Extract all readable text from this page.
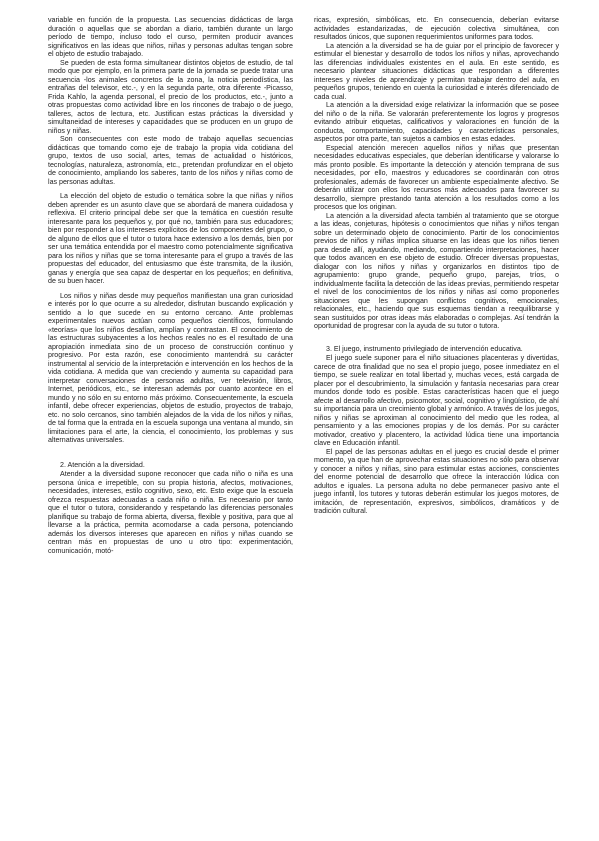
variable en función de la propuesta. Las secuencias didácticas de larga duración o aquellas que se abordan a diario, también durante un largo período de tiempo, incluso todo el curso, permiten producir avances significativos en las ideas que niños, niñas y personas adultas tengan sobre el objeto de estudio trabajado.

Se pueden de esta forma simultanear distintos objetos de estudio, de tal modo que por ejemplo, en la primera parte de la jornada se puede tratar una secuencia -los animales concretos de la zona, la noticia periodística, las entrañas del televisor, etc.-, y en la segunda parte, otra diferente -Picasso, Frida Kahlo, la agenda personal, el precio de los productos, etc.-, junto a otras propuestas como actividad libre en los rincones de trabajo o de juego, talleres, actos de lectura, etc. Justifican estas prácticas la diversidad y simultaneidad de intereses y capacidades que se producen en un grupo de niños y niñas.

Son consecuentes con este modo de trabajo aquellas secuencias didácticas que tomando como eje de trabajo la propia vida cotidiana del grupo, textos de uso social, artes, temas de actualidad o históricos, tecnologías, naturaleza, astronomía, etc., pretendan profundizar en el objeto de conocimiento, ampliando los saberes, tanto de los niños y niñas como de las personas adultas.

La elección del objeto de estudio o temática sobre la que niñas y niños deben aprender es un asunto clave que se abordará de manera cuidadosa y reflexiva. El criterio principal debe ser que la temática en cuestión resulte interesante para los pequeños y, por qué no, también para sus educadores; bien por responder a los intereses explícitos de los componentes del grupo, o de alguno de ellos que el tutor o tutora hace extensivo a los demás, bien por ser una temática entendida por el maestro como potencialmente significativa para los niños y niñas que se torna interesante para el grupo a través de las propuestas del educador, del entusiasmo que éste transmita, de la ilusión, ganas y energía que sea capaz de despertar en los pequeños; en definitiva, de su buen hacer.

Los niños y niñas desde muy pequeños manifiestan una gran curiosidad e interés por lo que ocurre a su alrededor, disfrutan buscando explicación y sentido a lo que sucede en su entorno cercano. Ante problemas experimentales nuevos actúan como pequeños científicos, formulando «teorías» que los niños desafían, amplían y contrastan. El conocimiento de las estructuras subyacentes a los hechos reales no es el resultado de una apropiación inmediata sino de un proceso de construcción continuo y progresivo. Por esta razón, ese conocimiento mantendrá su carácter instrumental al servicio de la interpretación e intervención en los hechos de la vida cotidiana. A medida que van creciendo y aumenta su capacidad para interpretar conversaciones de personas adultas, ver televisión, libros, Internet, periódicos, etc., se interesan además por cuanto acontece en el mundo y no sólo en su entorno más próximo. Consecuentemente, la escuela infantil, debe ofrecer experiencias, objetos de estudio, proyectos de trabajo, etc. no solo cercanos, sino también alejados de la vida de los niños y niñas, de tal forma que la entrada en la escuela suponga una ventana al mundo, sin limitaciones para el arte, la ciencia, el conocimiento, los problemas y sus alternativas universales.

2. Atención a la diversidad.

Atender a la diversidad supone reconocer que cada niño o niña es una persona única e irrepetible, con su propia historia, afectos, motivaciones, necesidades, intereses, estilo cognitivo, sexo, etc. Esto exige que la escuela ofrezca respuestas adecuadas a cada niño o niña. Es necesario por tanto que el tutor o tutora, considerando y respetando las diferencias personales planifique su trabajo de forma abierta, diversa, flexible y positiva, para que al llevarse a la práctica, permita acomodarse a cada persona, potenciando además los diversos intereses que aparecen en niños y niñas cuando se centran más en propuestas de uno u otro tipo: experimentación, comunicación, motó-

ricas, expresión, simbólicas, etc. En consecuencia, deberían evitarse actividades estandarizadas, de ejecución colectiva simultánea, con resultados únicos, que suponen requerimientos uniformes para todos.

La atención a la diversidad se ha de guiar por el principio de favorecer y estimular el bienestar y desarrollo de todos los niños y niñas, aprovechando las diferencias individuales existentes en el aula. En este sentido, es necesario plantear situaciones didácticas que respondan a diferentes intereses y niveles de aprendizaje y permitan trabajar dentro del aula, en pequeños grupos, teniendo en cuenta la curiosidad e interés diferenciado de cada cual.

La atención a la diversidad exige relativizar la información que se posee del niño o de la niña. Se valorarán preferentemente los logros y progresos evitando atribuir etiquetas, calificativos y valoraciones en función de la conducta, comportamiento, capacidades y características personales, aspectos por otra parte, tan sujetos a cambios en estas edades.

Especial atención merecen aquellos niños y niñas que presentan necesidades educativas especiales, que deberían identificarse y valorarse lo más pronto posible. Es importante la detección y atención temprana de sus necesidades, por ello, maestros y educadores se coordinarán con otros profesionales, además de favorecer un ambiente especialmente afectivo. Se deberán utilizar con ellos los recursos más adecuados para favorecer su desarrollo, siempre prestando tanta atención a los resultados como a los procesos que los originan.

La atención a la diversidad afecta también al tratamiento que se otorgue a las ideas, conjeturas, hipótesis o conocimientos que niñas y niños tengan sobre un determinado objeto de conocimiento. Partir de los conocimientos previos de niños y niñas implica situarse en las ideas que los niños tienen para desde allí, ayudando, mediando, compartiendo interpretaciones, hacer que todos avancen en ese objeto de estudio. Ofrecer diversas propuestas, dialogar con los niños y niñas y organizarlos en distintos tipo de agrupamiento: grupo grande, pequeño grupo, parejas, tríos, o individualmente facilita la detección de las ideas previas, permitiendo respetar el nivel de los conocimientos de los niños y niñas así como proponerles situaciones que les supongan conflictos cognitivos, emocionales, relacionales, etc., haciendo que sus esquemas tiendan a reequilibrarse y sean sustituidos por otras ideas más elaboradas o complejas. Así tendrán la oportunidad de progresar con la ayuda de su tutor o tutora.

3. El juego, instrumento privilegiado de intervención educativa.

El juego suele suponer para el niño situaciones placenteras y divertidas, carece de otra finalidad que no sea el propio juego, posee inmediatez en el tiempo, se suele realizar en total libertad y, muchas veces, está cargada de placer por el descubrimiento, la simulación y fantasía necesarias para crear mundos donde todo es posible. Estas características hacen que el juego afecte al desarrollo afectivo, psicomotor, social, cognitivo y lingüístico, de ahí su importancia para un crecimiento global y armónico. A través de los juegos, niños y niñas se aproximan al conocimiento del medio que les rodea, al pensamiento y a las emociones propias y de los demás. Por su carácter motivador, creativo y placentero, la actividad lúdica tiene una importancia clave en Educación infantil.

El papel de las personas adultas en el juego es crucial desde el primer momento, ya que han de aprovechar estas situaciones no sólo para observar y conocer a niños y niñas, sino para estimular estas acciones, conscientes del enorme potencial de desarrollo que ofrece la interacción lúdica con adultos e iguales. La persona adulta no debe permanecer pasivo ante el juego infantil, los tutores y tutoras deberán estimular los juegos motores, de imitación, de representación, expresivos, simbólicos, dramáticos y de tradición cultural.
